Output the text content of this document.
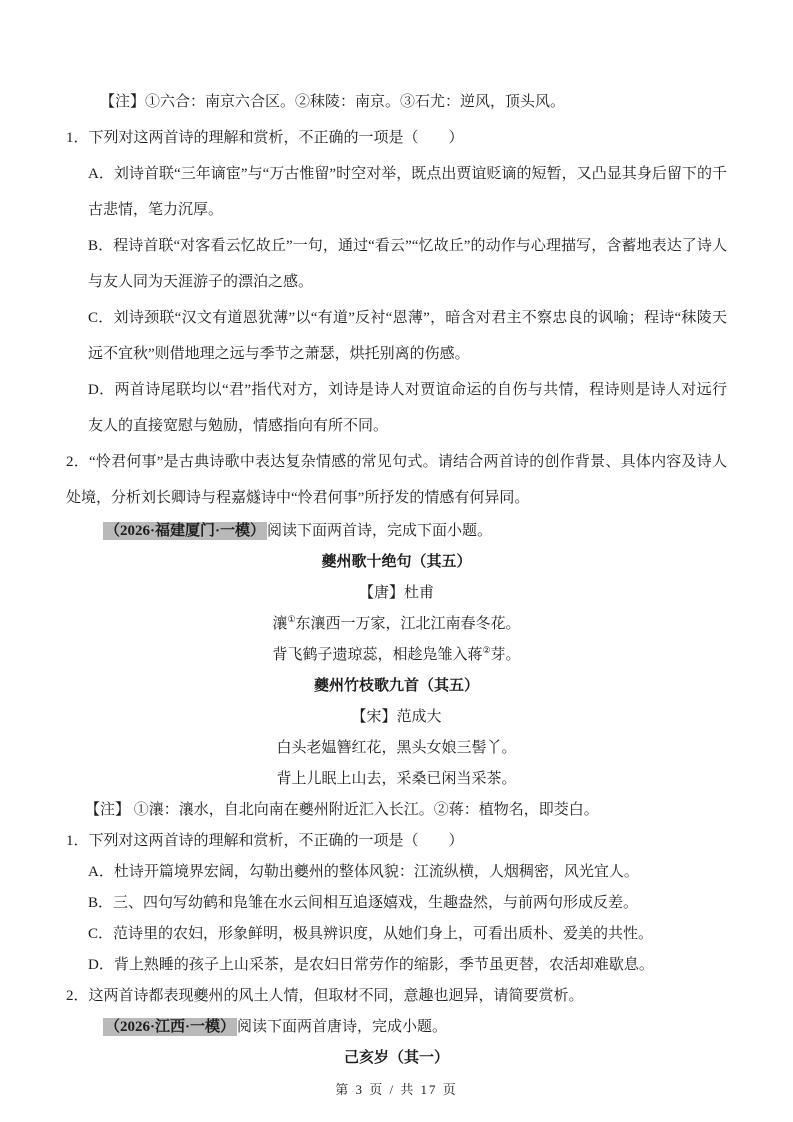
【注】①六合：南京六合区。②秣陵：南京。③石尤：逆风，顶头风。
1．下列对这两首诗的理解和赏析，不正确的一项是（　　）
A．刘诗首联“三年谪宦”与“万古惟留”时空对举，既点出贾谊贬谪的短暂，又凸显其身后留下的千古悲情，笔力沉厚。
B．程诗首联“对客看云忆故丘”一句，通过“看云”“忆故丘”的动作与心理描写，含蓄地表达了诗人与友人同为天涯游子的漂泊之感。
C．刘诗颈联“汉文有道恩犹薄”以“有道”反衬“恩薄”，暗含对君主不察忠良的讽喻；程诗“秣陵天远不宜秋”则借地理之远与季节之萧瑟，烘托别离的伤感。
D．两首诗尾联均以“君”指代对方，刘诗是诗人对贾谊命运的自伤与共情，程诗则是诗人对远行友人的直接宽慰与勉励，情感指向有所不同。
2．“怜君何事”是古典诗歌中表达复杂情感的常见句式。请结合两首诗的创作背景、具体内容及诗人处境，分析刘长卿诗与程嘉燧诗中“怜君何事”所抒发的情感有何异同。
（2026·福建厦门·一模） 阅读下面两首诗，完成下面小题。
夔州歌十绝句（其五）
【唐】杜甫
瀼①东瀼西一万家，江北江南春冬花。
背飞鹤子遗琼蕊，相趁凫雏入蒋②芽。
夔州竹枝歌九首（其五）
【宋】范成大
白头老媪簪红花，黑头女娘三髻丫。
背上儿眠上山去，采桑已闲当采茶。
【注】 ①瀼：瀼水，自北向南在夔州附近汇入长江。②蒋：植物名，即茭白。
1．下列对这两首诗的理解和赏析，不正确的一项是（　　）
A．杜诗开篇境界宏阔，勾勒出夔州的整体风貌：江流纵横，人烟稠密，风光宜人。
B．三、四句写幼鹤和凫雏在水云间相互追逐嬉戏，生趣盎然，与前两句形成反差。
C．范诗里的农妇，形象鲜明，极具辨识度，从她们身上，可看出质朴、爱美的共性。
D．背上熟睡的孩子上山采茶，是农妇日常劳作的缩影，季节虽更替，农活却难歇息。
2．这两首诗都表现夔州的风土人情，但取材不同，意趣也迥异，请简要赏析。
（2026·江西·一模） 阅读下面两首唐诗，完成小题。
己亥岁（其一）
第 3 页 / 共 17 页
